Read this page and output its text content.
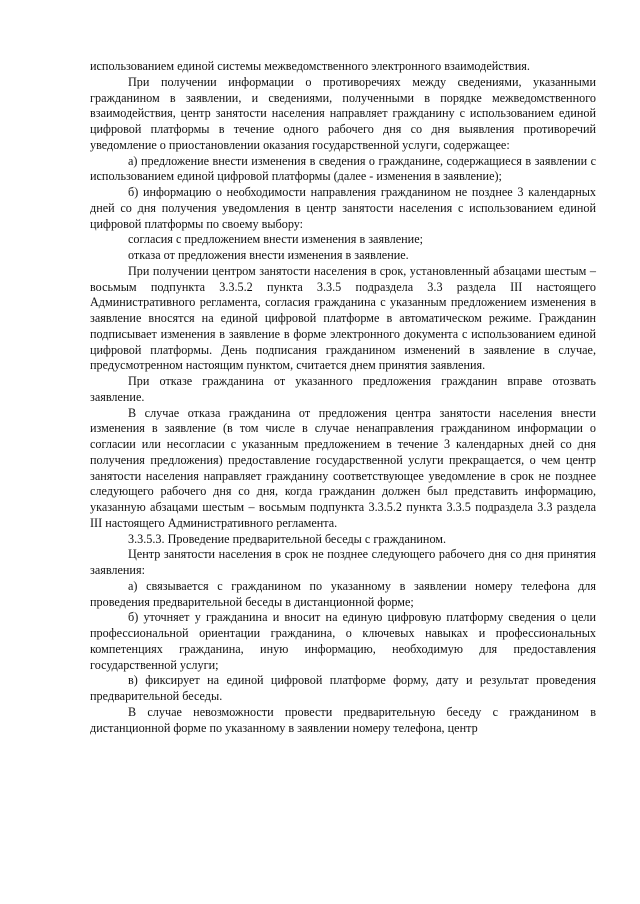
использованием единой системы межведомственного электронного взаимодействия.

При получении информации о противоречиях между сведениями, указанными гражданином в заявлении, и сведениями, полученными в порядке межведомственного взаимодействия, центр занятости населения направляет гражданину с использованием единой цифровой платформы в течение одного рабочего дня со дня выявления противоречий уведомление о приостановлении оказания государственной услуги, содержащее:

а) предложение внести изменения в сведения о гражданине, содержащиеся в заявлении с использованием единой цифровой платформы (далее - изменения в заявление);

б) информацию о необходимости направления гражданином не позднее 3 календарных дней со дня получения уведомления в центр занятости населения с использованием единой цифровой платформы по своему выбору:

согласия с предложением внести изменения в заявление;

отказа от предложения внести изменения в заявление.

При получении центром занятости населения в срок, установленный абзацами шестым – восьмым подпункта 3.3.5.2 пункта 3.3.5 подраздела 3.3 раздела III настоящего Административного регламента, согласия гражданина с указанным предложением изменения в заявление вносятся на единой цифровой платформе в автоматическом режиме. Гражданин подписывает изменения в заявление в форме электронного документа с использованием единой цифровой платформы. День подписания гражданином изменений в заявление в случае, предусмотренном настоящим пунктом, считается днем принятия заявления.

При отказе гражданина от указанного предложения гражданин вправе отозвать заявление.

В случае отказа гражданина от предложения центра занятости населения внести изменения в заявление (в том числе в случае ненаправления гражданином информации о согласии или несогласии с указанным предложением в течение 3 календарных дней со дня получения предложения) предоставление государственной услуги прекращается, о чем центр занятости населения направляет гражданину соответствующее уведомление в срок не позднее следующего рабочего дня со дня, когда гражданин должен был представить информацию, указанную абзацами шестым – восьмым подпункта 3.3.5.2 пункта 3.3.5 подраздела 3.3 раздела III настоящего Административного регламента.

3.3.5.3. Проведение предварительной беседы с гражданином.

Центр занятости населения в срок не позднее следующего рабочего дня со дня принятия заявления:

а) связывается с гражданином по указанному в заявлении номеру телефона для проведения предварительной беседы в дистанционной форме;

б) уточняет у гражданина и вносит на единую цифровую платформу сведения о цели профессиональной ориентации гражданина, о ключевых навыках и профессиональных компетенциях гражданина, иную информацию, необходимую для предоставления государственной услуги;

в) фиксирует на единой цифровой платформе форму, дату и результат проведения предварительной беседы.

В случае невозможности провести предварительную беседу с гражданином в дистанционной форме по указанному в заявлении номеру телефона, центр
